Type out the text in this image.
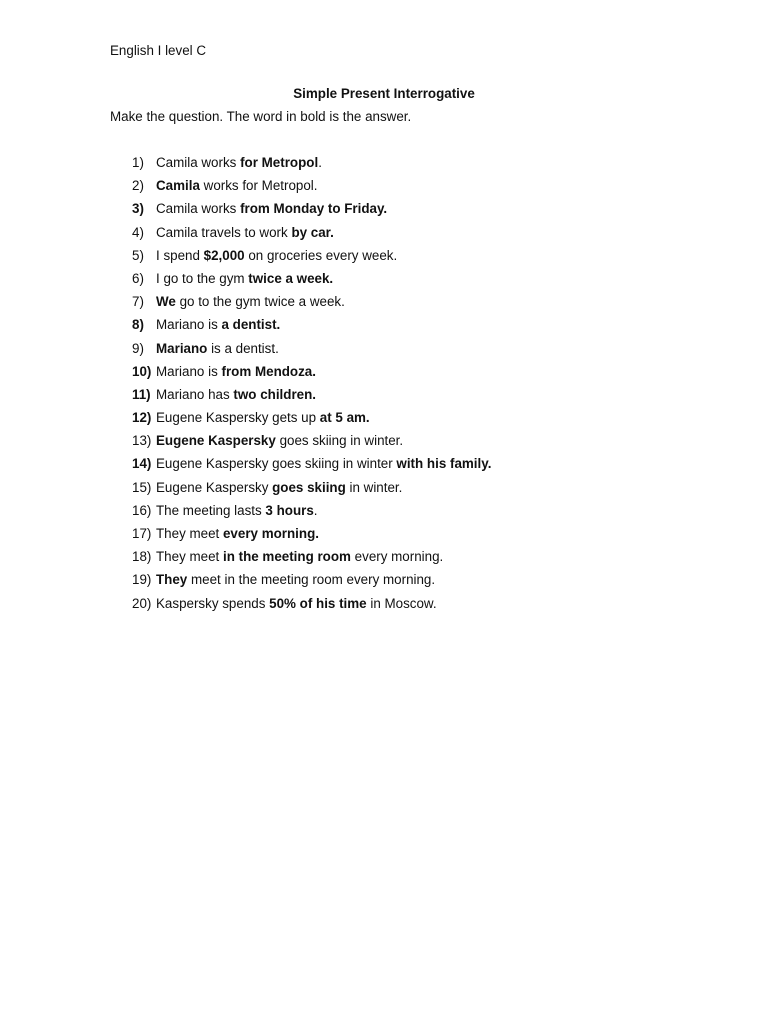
English I level C
Simple Present Interrogative
Make the question. The word in bold is the answer.
1) Camila works for Metropol.
2) Camila works for Metropol.
3) Camila works from Monday to Friday.
4) Camila travels to work by car.
5) I spend $2,000 on groceries every week.
6) I go to the gym twice a week.
7) We go to the gym twice a week.
8) Mariano is a dentist.
9) Mariano is a dentist.
10) Mariano is from Mendoza.
11) Mariano has two children.
12) Eugene Kaspersky gets up at 5 am.
13) Eugene Kaspersky goes skiing in winter.
14) Eugene Kaspersky goes skiing in winter with his family.
15) Eugene Kaspersky goes skiing in winter.
16) The meeting lasts 3 hours.
17) They meet every morning.
18) They meet in the meeting room every morning.
19) They meet in the meeting room every morning.
20) Kaspersky spends 50% of his time in Moscow.
